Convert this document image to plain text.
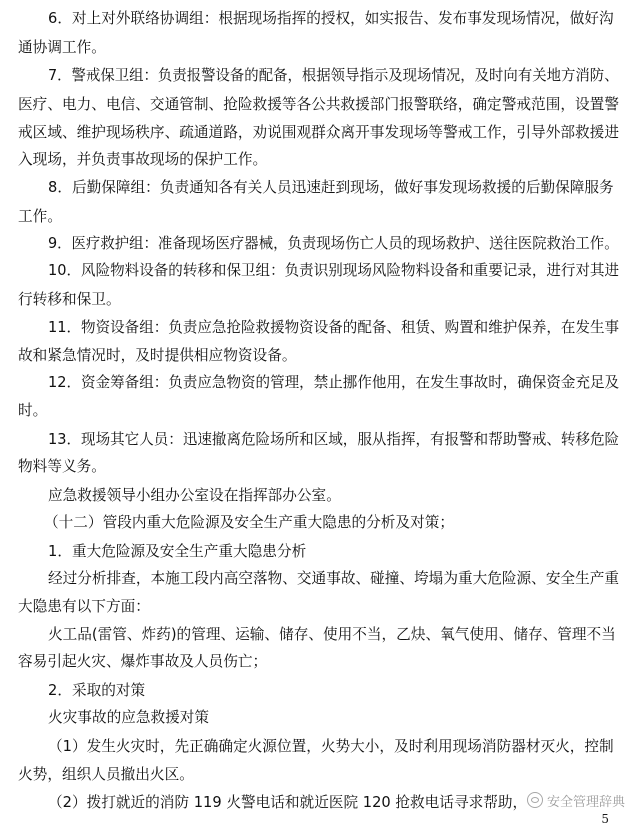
6．对上对外联络协调组：根据现场指挥的授权，如实报告、发布事发现场情况，做好沟
通协调工作。
7．警戒保卫组：负责报警设备的配备，根据领导指示及现场情况，及时向有关地方消防、
医疗、电力、电信、交通管制、抢险救援等各公共救援部门报警联络，确定警戒范围，设置警
戒区域、维护现场秩序、疏通道路，劝说围观群众离开事发现场等警戒工作，引导外部救援进
入现场，并负责事故现场的保护工作。
8．后勤保障组：负责通知各有关人员迅速赶到现场，做好事发现场救援的后勤保障服务
工作。
9．医疗救护组：准备现场医疗器械，负责现场伤亡人员的现场救护、送往医院救治工作。
10．风险物料设备的转移和保卫组：负责识别现场风险物料设备和重要记录，进行对其进
行转移和保卫。
11．物资设备组：负责应急抢险救援物资设备的配备、租赁、购置和维护保养，在发生事
故和紧急情况时，及时提供相应物资设备。
12．资金筹备组：负责应急物资的管理，禁止挪作他用，在发生事故时，确保资金充足及
时。
13．现场其它人员：迅速撤离危险场所和区域，服从指挥，有报警和帮助警戒、转移危险
物料等义务。
应急救援领导小组办公室设在指挥部办公室。
（十二）管段内重大危险源及安全生产重大隐患的分析及对策；
1．重大危险源及安全生产重大隐患分析
经过分析排查，本施工段内高空落物、交通事故、碰撞、垮塌为重大危险源、安全生产重
大隐患有以下方面：
火工品(雷管、炸药)的管理、运输、储存、使用不当，乙炔、氧气使用、储存、管理不当
容易引起火灾、爆炸事故及人员伤亡；
2．采取的对策
火灾事故的应急救援对策
（1）发生火灾时，先正确确定火源位置，火势大小，及时利用现场消防器材灭火，控制
火势，组织人员撤出火区。
（2）拨打就近的消防 119 火警电话和就近医院 120 抢救电话寻求帮助，	安全管理辞典
5
